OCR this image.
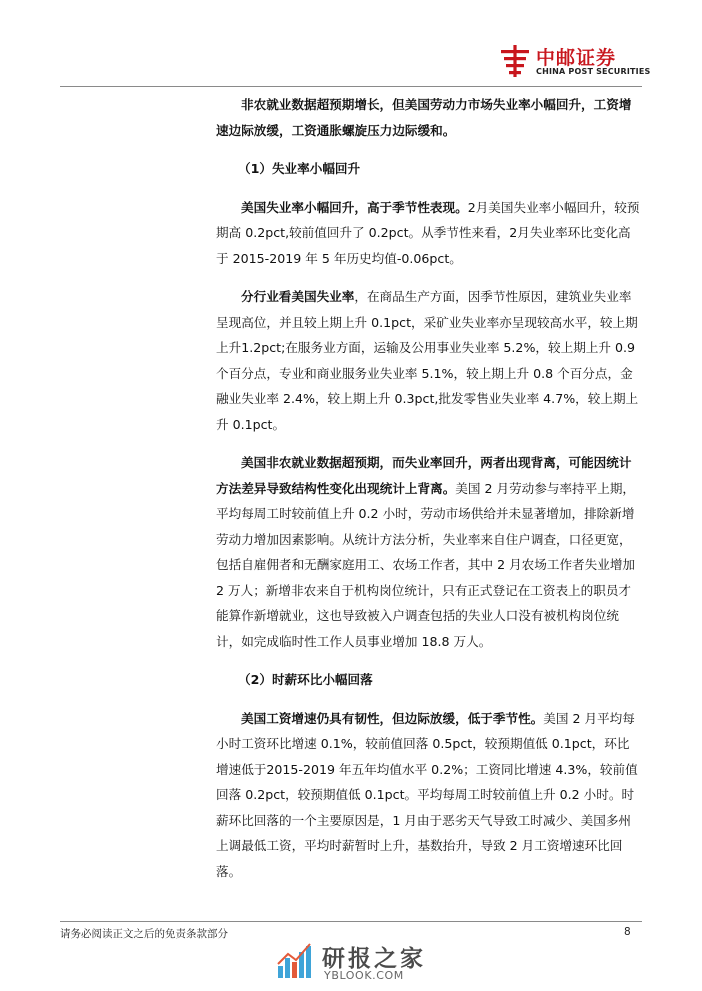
中邮证券
CHINA POST SECURITIES

非农就业数据超预期增长，但美国劳动力市场失业率小幅回升，工资增速边际放缓，工资通胀螺旋压力边际缓和。

（1）失业率小幅回升

美国失业率小幅回升，高于季节性表现。2月美国失业率小幅回升，较预期高 0.2pct,较前值回升了 0.2pct。从季节性来看，2月失业率环比变化高于 2015-2019 年 5 年历史均值-0.06pct。

分行业看美国失业率，在商品生产方面，因季节性原因，建筑业失业率呈现高位，并且较上期上升 0.1pct，采矿业失业率亦呈现较高水平，较上期上升1.2pct;在服务业方面，运输及公用事业失业率 5.2%，较上期上升 0.9 个百分点，专业和商业服务业失业率 5.1%，较上期上升 0.8 个百分点，金融业失业率 2.4%，较上期上升 0.3pct,批发零售业失业率 4.7%，较上期上升 0.1pct。

美国非农就业数据超预期，而失业率回升，两者出现背离，可能因统计方法差异导致结构性变化出现统计上背离。美国 2 月劳动参与率持平上期，平均每周工时较前值上升 0.2 小时，劳动市场供给并未显著增加，排除新增劳动力增加因素影响。从统计方法分析，失业率来自住户调查，口径更宽，包括自雇佣者和无酬家庭用工、农场工作者，其中 2 月农场工作者失业增加 2 万人；新增非农来自于机构岗位统计，只有正式登记在工资表上的职员才能算作新增就业，这也导致被入户调查包括的失业人口没有被机构岗位统计，如完成临时性工作人员事业增加 18.8 万人。

（2）时薪环比小幅回落

美国工资增速仍具有韧性，但边际放缓，低于季节性。美国 2 月平均每小时工资环比增速 0.1%，较前值回落 0.5pct，较预期值低 0.1pct，环比增速低于2015-2019 年五年均值水平 0.2%；工资同比增速 4.3%，较前值回落 0.2pct，较预期值低 0.1pct。平均每周工时较前值上升 0.2 小时。时薪环比回落的一个主要原因是，1 月由于恶劣天气导致工时减少、美国多州上调最低工资，平均时薪暂时上升，基数抬升，导致 2 月工资增速环比回落。

请务必阅读正文之后的免责条款部分	8
研报之家
YBLOOK.COM
